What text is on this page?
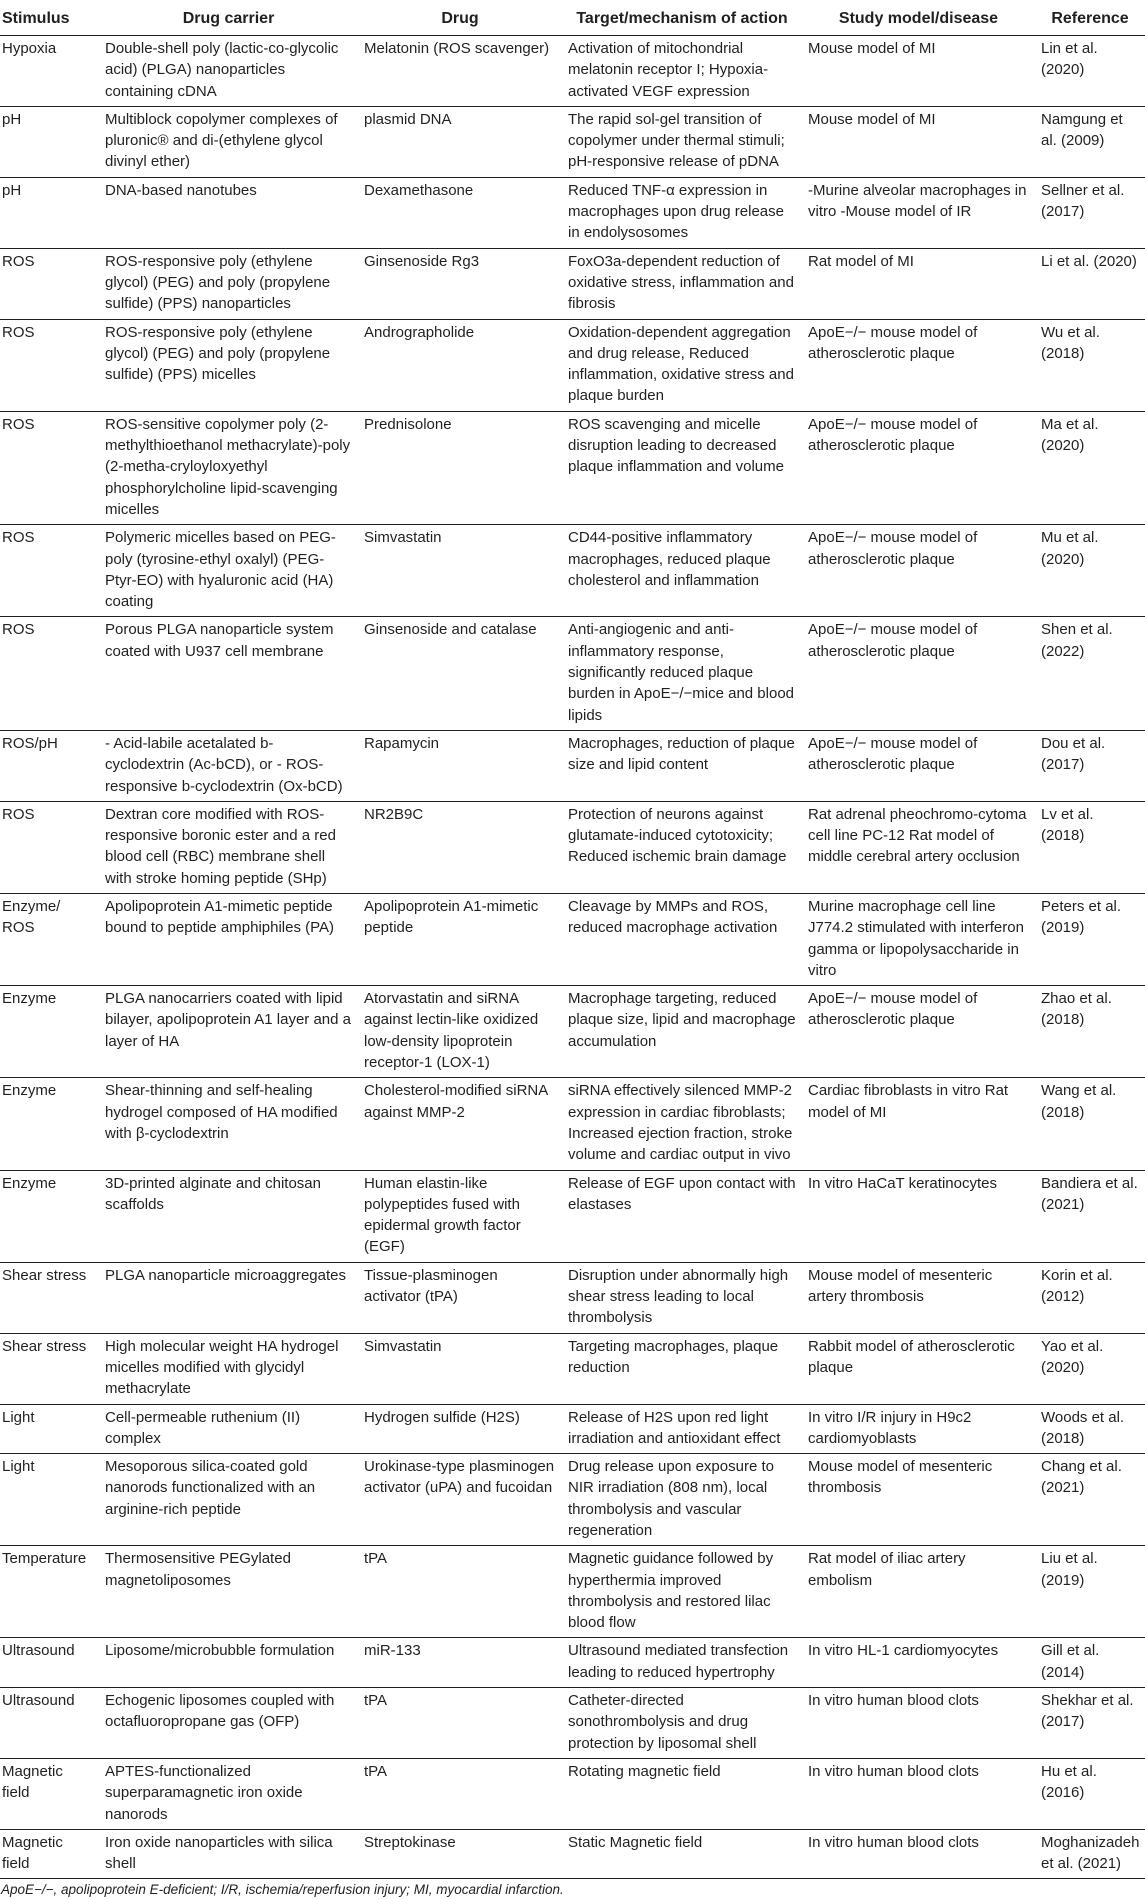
Stimulus	Drug carrier	Drug	Target/mechanism of action	Study model/disease	Reference
Hypoxia	Double-shell poly (lactic-co-glycolic acid) (PLGA) nanoparticles containing cDNA	Melatonin (ROS scavenger)	Activation of mitochondrial melatonin receptor I; Hypoxia-activated VEGF expression	Mouse model of MI	Lin et al. (2020)
pH	Multiblock copolymer complexes of pluronic® and di-(ethylene glycol divinyl ether)	plasmid DNA	The rapid sol-gel transition of copolymer under thermal stimuli; pH-responsive release of pDNA	Mouse model of MI	Namgung et al. (2009)
pH	DNA-based nanotubes	Dexamethasone	Reduced TNF-α expression in macrophages upon drug release in endolysosomes	-Murine alveolar macrophages in vitro -Mouse model of IR	Sellner et al. (2017)
ROS	ROS-responsive poly (ethylene glycol) (PEG) and poly (propylene sulfide) (PPS) nanoparticles	Ginsenoside Rg3	FoxO3a-dependent reduction of oxidative stress, inflammation and fibrosis	Rat model of MI	Li et al. (2020)
ROS	ROS-responsive poly (ethylene glycol) (PEG) and poly (propylene sulfide) (PPS) micelles	Andrographolide	Oxidation-dependent aggregation and drug release, Reduced inflammation, oxidative stress and plaque burden	ApoE−/− mouse model of atherosclerotic plaque	Wu et al. (2018)
ROS	ROS-sensitive copolymer poly (2-methylthioethanol methacrylate)-poly (2-metha-cryloyloxyethyl phosphorylcholine lipid-scavenging micelles	Prednisolone	ROS scavenging and micelle disruption leading to decreased plaque inflammation and volume	ApoE−/− mouse model of atherosclerotic plaque	Ma et al. (2020)
ROS	Polymeric micelles based on PEG-poly (tyrosine-ethyl oxalyl) (PEG-Ptyr-EO) with hyaluronic acid (HA) coating	Simvastatin	CD44-positive inflammatory macrophages, reduced plaque cholesterol and inflammation	ApoE−/− mouse model of atherosclerotic plaque	Mu et al. (2020)
ROS	Porous PLGA nanoparticle system coated with U937 cell membrane	Ginsenoside and catalase	Anti-angiogenic and anti-inflammatory response, significantly reduced plaque burden in ApoE−/−mice and blood lipids	ApoE−/− mouse model of atherosclerotic plaque	Shen et al. (2022)
ROS/pH	- Acid-labile acetalated b-cyclodextrin (Ac-bCD), or - ROS-responsive b-cyclodextrin (Ox-bCD)	Rapamycin	Macrophages, reduction of plaque size and lipid content	ApoE−/− mouse model of atherosclerotic plaque	Dou et al. (2017)
ROS	Dextran core modified with ROS-responsive boronic ester and a red blood cell (RBC) membrane shell with stroke homing peptide (SHp)	NR2B9C	Protection of neurons against glutamate-induced cytotoxicity; Reduced ischemic brain damage	Rat adrenal pheochromo-cytoma cell line PC-12 Rat model of middle cerebral artery occlusion	Lv et al. (2018)
Enzyme/ ROS	Apolipoprotein A1-mimetic peptide bound to peptide amphiphiles (PA)	Apolipoprotein A1-mimetic peptide	Cleavage by MMPs and ROS, reduced macrophage activation	Murine macrophage cell line J774.2 stimulated with interferon gamma or lipopolysaccharide in vitro	Peters et al. (2019)
Enzyme	PLGA nanocarriers coated with lipid bilayer, apolipoprotein A1 layer and a layer of HA	Atorvastatin and siRNA against lectin-like oxidized low-density lipoprotein receptor-1 (LOX-1)	Macrophage targeting, reduced plaque size, lipid and macrophage accumulation	ApoE−/− mouse model of atherosclerotic plaque	Zhao et al. (2018)
Enzyme	Shear-thinning and self-healing hydrogel composed of HA modified with β-cyclodextrin	Cholesterol-modified siRNA against MMP-2	siRNA effectively silenced MMP-2 expression in cardiac fibroblasts; Increased ejection fraction, stroke volume and cardiac output in vivo	Cardiac fibroblasts in vitro Rat model of MI	Wang et al. (2018)
Enzyme	3D-printed alginate and chitosan scaffolds	Human elastin-like polypeptides fused with epidermal growth factor (EGF)	Release of EGF upon contact with elastases	In vitro HaCaT keratinocytes	Bandiera et al. (2021)
Shear stress	PLGA nanoparticle microaggregates	Tissue-plasminogen activator (tPA)	Disruption under abnormally high shear stress leading to local thrombolysis	Mouse model of mesenteric artery thrombosis	Korin et al. (2012)
Shear stress	High molecular weight HA hydrogel micelles modified with glycidyl methacrylate	Simvastatin	Targeting macrophages, plaque reduction	Rabbit model of atherosclerotic plaque	Yao et al. (2020)
Light	Cell-permeable ruthenium (II) complex	Hydrogen sulfide (H2S)	Release of H2S upon red light irradiation and antioxidant effect	In vitro I/R injury in H9c2 cardiomyoblasts	Woods et al. (2018)
Light	Mesoporous silica-coated gold nanorods functionalized with an arginine-rich peptide	Urokinase-type plasminogen activator (uPA) and fucoidan	Drug release upon exposure to NIR irradiation (808 nm), local thrombolysis and vascular regeneration	Mouse model of mesenteric thrombosis	Chang et al. (2021)
Temperature	Thermosensitive PEGylated magnetoliposomes	tPA	Magnetic guidance followed by hyperthermia improved thrombolysis and restored lilac blood flow	Rat model of iliac artery embolism	Liu et al. (2019)
Ultrasound	Liposome/microbubble formulation	miR-133	Ultrasound mediated transfection leading to reduced hypertrophy	In vitro HL-1 cardiomyocytes	Gill et al. (2014)
Ultrasound	Echogenic liposomes coupled with octafluoropropane gas (OFP)	tPA	Catheter-directed sonothrombolysis and drug protection by liposomal shell	In vitro human blood clots	Shekhar et al. (2017)
Magnetic field	APTES-functionalized superparamagnetic iron oxide nanorods	tPA	Rotating magnetic field	In vitro human blood clots	Hu et al. (2016)
Magnetic field	Iron oxide nanoparticles with silica shell	Streptokinase	Static Magnetic field	In vitro human blood clots	Moghanizadeh et al. (2021)
ApoE−/−, apolipoprotein E-deficient; I/R, ischemia/reperfusion injury; MI, myocardial infarction.
